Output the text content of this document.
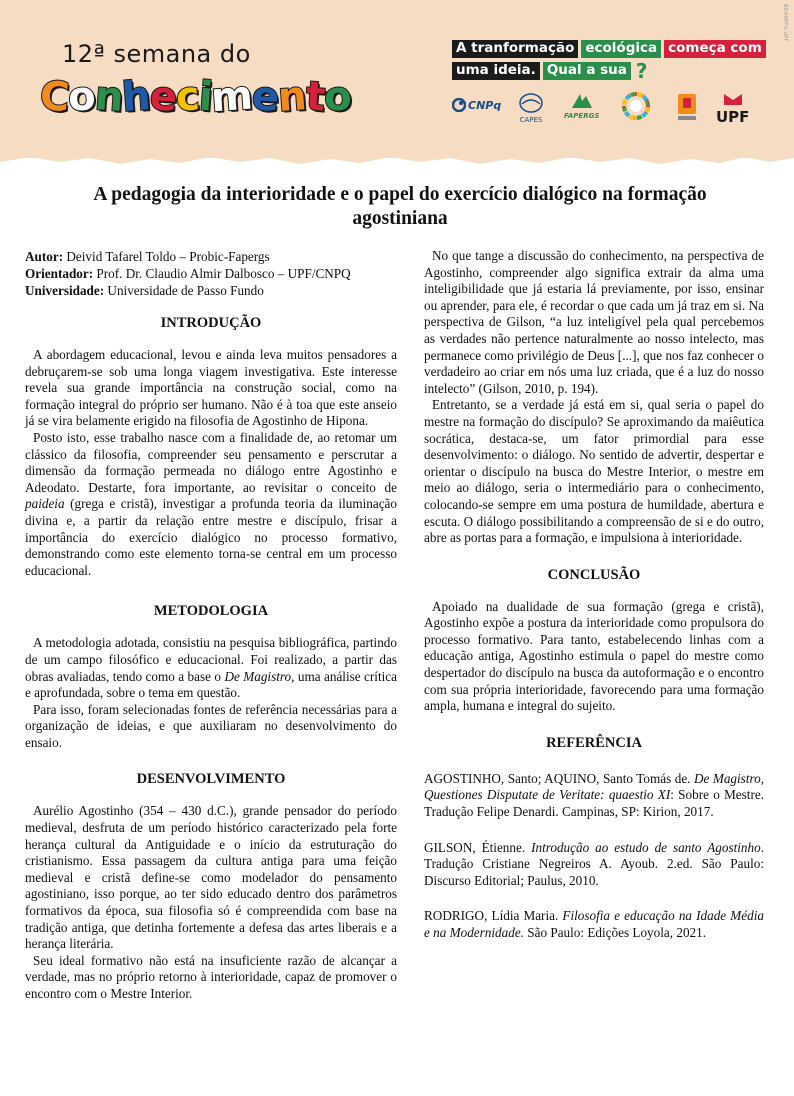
BD40PPU.UPF
12ª semana do
C
o
n
h
e
c
i
m
e
n
t
o
A tranformação ecológica começa com
uma ideia. Qual a sua ?
CNPq
CAPES	FAPERGS	UPF
A pedagogia da interioridade e o papel do exercício dialógico na formação agostiniana
Autor: Deivid Tafarel Toldo – Probic-Fapergs
Orientador: Prof. Dr. Claudio Almir Dalbosco – UPF/CNPQ
Universidade: Universidade de Passo Fundo
INTRODUÇÃO

A abordagem educacional, levou e ainda leva muitos pensadores a debruçarem-se sob uma longa viagem investigativa. Este interesse revela sua grande importância na construção social, como na formação integral do próprio ser humano. Não é à toa que este anseio já se vira belamente erigido na filosofia de Agostinho de Hipona.

Posto isto, esse trabalho nasce com a finalidade de, ao retomar um clássico da filosofia, compreender seu pensamento e perscrutar a dimensão da formação permeada no diálogo entre Agostinho e Adeodato. Destarte, fora importante, ao revisitar o conceito de paideia (grega e cristã), investigar a profunda teoria da iluminação divina e, a partir da relação entre mestre e discípulo, frisar a importância do exercício dialógico no processo formativo, demonstrando como este elemento torna-se central em um processo educacional.

METODOLOGIA

A metodologia adotada, consistiu na pesquisa bibliográfica, partindo de um campo filosófico e educacional. Foi realizado, a partir das obras avaliadas, tendo como a base o De Magistro, uma análise crítica e aprofundada, sobre o tema em questão.

Para isso, foram selecionadas fontes de referência necessárias para a organização de ideias, e que auxiliaram no desenvolvimento do ensaio.

DESENVOLVIMENTO

Aurélio Agostinho (354 – 430 d.C.), grande pensador do período medieval, desfruta de um período histórico caracterizado pela forte herança cultural da Antiguidade e o início da estruturação do cristianismo. Essa passagem da cultura antiga para uma feição medieval e cristã define-se como modelador do pensamento agostiniano, isso porque, ao ter sido educado dentro dos parâmetros formativos da época, sua filosofia só é compreendida com base na tradição antiga, que detinha fortemente a defesa das artes liberais e a herança literária.

Seu ideal formativo não está na insuficiente razão de alcançar a verdade, mas no próprio retorno à interioridade, capaz de promover o encontro com o Mestre Interior.

No que tange a discussão do conhecimento, na perspectiva de Agostinho, compreender algo significa extrair da alma uma inteligibilidade que já estaria lá previamente, por isso, ensinar ou aprender, para ele, é recordar o que cada um já traz em si. Na perspectiva de Gilson, “a luz inteligível pela qual percebemos as verdades não pertence naturalmente ao nosso intelecto, mas permanece como privilégio de Deus [...], que nos faz conhecer o verdadeiro ao criar em nós uma luz criada, que é a luz do nosso intelecto” (Gilson, 2010, p. 194).

Entretanto, se a verdade já está em si, qual seria o papel do mestre na formação do discípulo? Se aproximando da maiêutica socrática, destaca-se, um fator primordial para esse desenvolvimento: o diálogo. No sentido de advertir, despertar e orientar o discípulo na busca do Mestre Interior, o mestre em meio ao diálogo, seria o intermediário para o conhecimento, colocando-se sempre em uma postura de humildade, abertura e escuta. O diálogo possibilitando a compreensão de si e do outro, abre as portas para a formação, e impulsiona à interioridade.

CONCLUSÃO

Apoiado na dualidade de sua formação (grega e cristã), Agostinho expõe a postura da interioridade como propulsora do processo formativo. Para tanto, estabelecendo linhas com a educação antiga, Agostinho estimula o papel do mestre como despertador do discípulo na busca da autoformação e o encontro com sua própria interioridade, favorecendo para uma formação ampla, humana e integral do sujeito.

REFERÊNCIA

AGOSTINHO, Santo; AQUINO, Santo Tomás de. De Magistro, Questiones Disputate de Veritate: quaestio XI: Sobre o Mestre. Tradução Felipe Denardi. Campinas, SP: Kirion, 2017.

GILSON, Étienne. Introdução ao estudo de santo Agostinho. Tradução Cristiane Negreiros A. Ayoub. 2.ed. São Paulo: Discurso Editorial; Paulus, 2010.

RODRIGO, Lídia Maria. Filosofia e educação na Idade Média e na Modernidade. São Paulo: Edições Loyola, 2021.
